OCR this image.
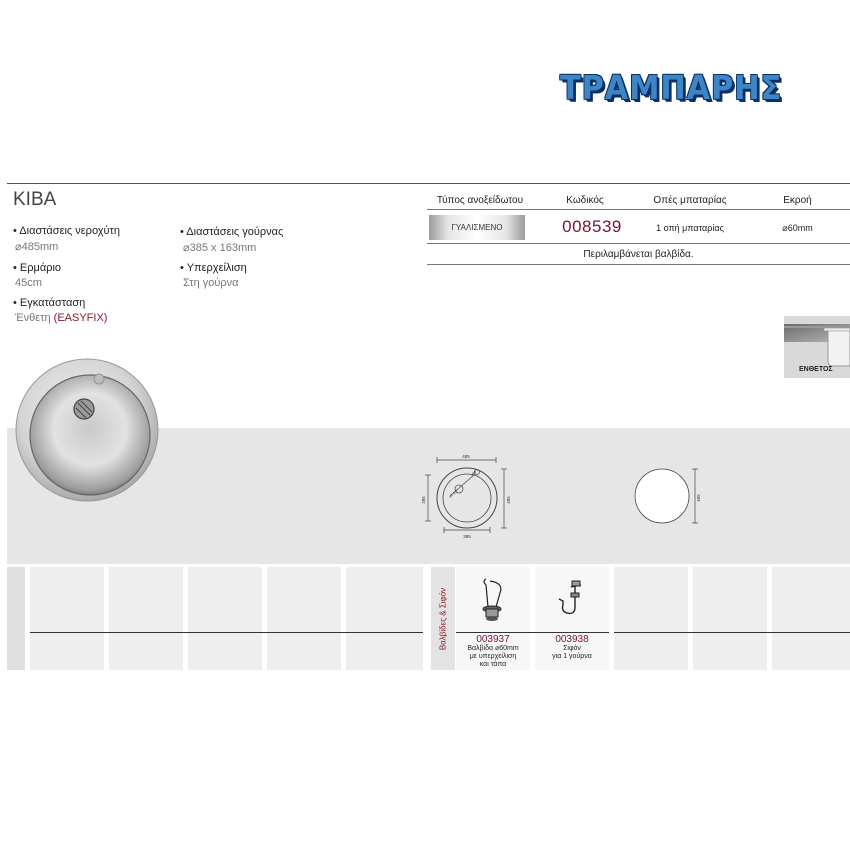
ΤΡΑΜΠΑΡΗΣ
ΚΙΒΑ
• Διαστάσεις νεροχύτη
⌀485mm
• Ερμάριο
45cm
• Εγκατάσταση
Ένθετη (EASYFIX)
• Διαστάσεις γούρνας
⌀385 x 163mm
• Υπερχείλιση
Στη γούρνα
Τύπος ανοξείδωτου	Κωδικός	Οπές μπαταρίας	Εκροή
ΓΥΑΛΙΣΜΕΝΟ	008539	1 οπή μπαταρίας	⌀60mm
Περιλαμβάνεται βαλβίδα.
ΕΝΘΕΤΟΣ
485
385
385	485
⌀60
⌀1 1/2"	465
Βαλβίδες & Σιφόν	003937
Βαλβίδα ⌀60mm
με υπερχείλιση
και τάπα
003938
Σιφόν
για 1 γούρνα
